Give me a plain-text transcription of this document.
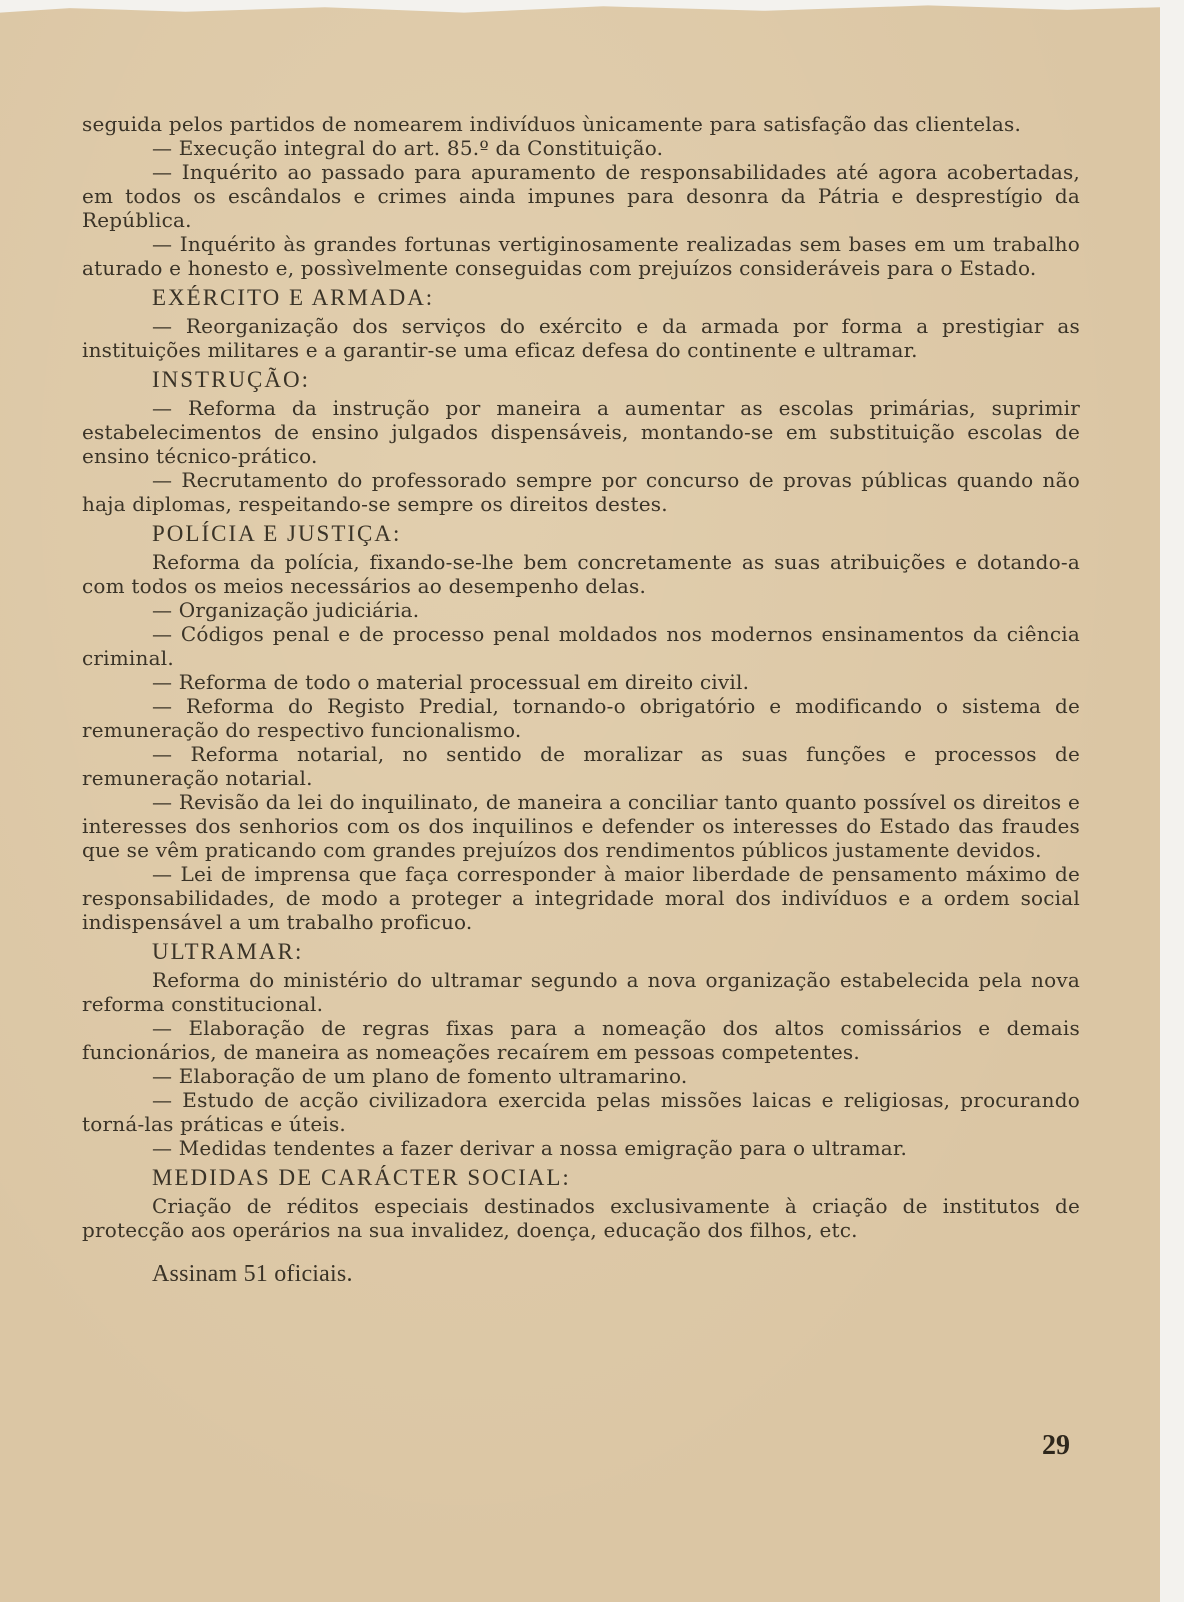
seguida pelos partidos de nomearem indivíduos ùnicamente para satisfação das clientelas.

— Execução integral do art. 85.º da Constituição.

— Inquérito ao passado para apuramento de responsabilidades até agora acobertadas, em todos os escândalos e crimes ainda impunes para desonra da Pátria e desprestígio da República.

— Inquérito às grandes fortunas vertiginosamente realizadas sem bases em um trabalho aturado e honesto e, possìvelmente conseguidas com prejuízos consideráveis para o Estado.

EXÉRCITO E ARMADA:

— Reorganização dos serviços do exército e da armada por forma a prestigiar as instituições militares e a garantir-se uma eficaz defesa do continente e ultramar.

INSTRUÇÃO:

— Reforma da instrução por maneira a aumentar as escolas primárias, suprimir estabelecimentos de ensino julgados dispensáveis, montando-se em substituição escolas de ensino técnico-prático.

— Recrutamento do professorado sempre por concurso de provas públicas quando não haja diplomas, respeitando-se sempre os direitos destes.

POLÍCIA E JUSTIÇA:

Reforma da polícia, fixando-se-lhe bem concretamente as suas atribuições e dotando-a com todos os meios necessários ao desempenho delas.

— Organização judiciária.

— Códigos penal e de processo penal moldados nos modernos ensinamentos da ciência criminal.

— Reforma de todo o material processual em direito civil.

— Reforma do Registo Predial, tornando-o obrigatório e modificando o sistema de remuneração do respectivo funcionalismo.

— Reforma notarial, no sentido de moralizar as suas funções e processos de remuneração notarial.

— Revisão da lei do inquilinato, de maneira a conciliar tanto quanto possível os direitos e interesses dos senhorios com os dos inquilinos e defender os interesses do Estado das fraudes que se vêm praticando com grandes prejuízos dos rendimentos públicos justamente devidos.

— Lei de imprensa que faça corresponder à maior liberdade de pensamento máximo de responsabilidades, de modo a proteger a integridade moral dos indivíduos e a ordem social indispensável a um trabalho proficuo.

ULTRAMAR:

Reforma do ministério do ultramar segundo a nova organização estabelecida pela nova reforma constitucional.

— Elaboração de regras fixas para a nomeação dos altos comissários e demais funcionários, de maneira as nomeações recaírem em pessoas competentes.

— Elaboração de um plano de fomento ultramarino.

— Estudo de acção civilizadora exercida pelas missões laicas e religiosas, procurando torná-las práticas e úteis.

— Medidas tendentes a fazer derivar a nossa emigração para o ultramar.

MEDIDAS DE CARÁCTER SOCIAL:

Criação de réditos especiais destinados exclusivamente à criação de institutos de protecção aos operários na sua invalidez, doença, educação dos filhos, etc.

Assinam 51 oficiais.
29
